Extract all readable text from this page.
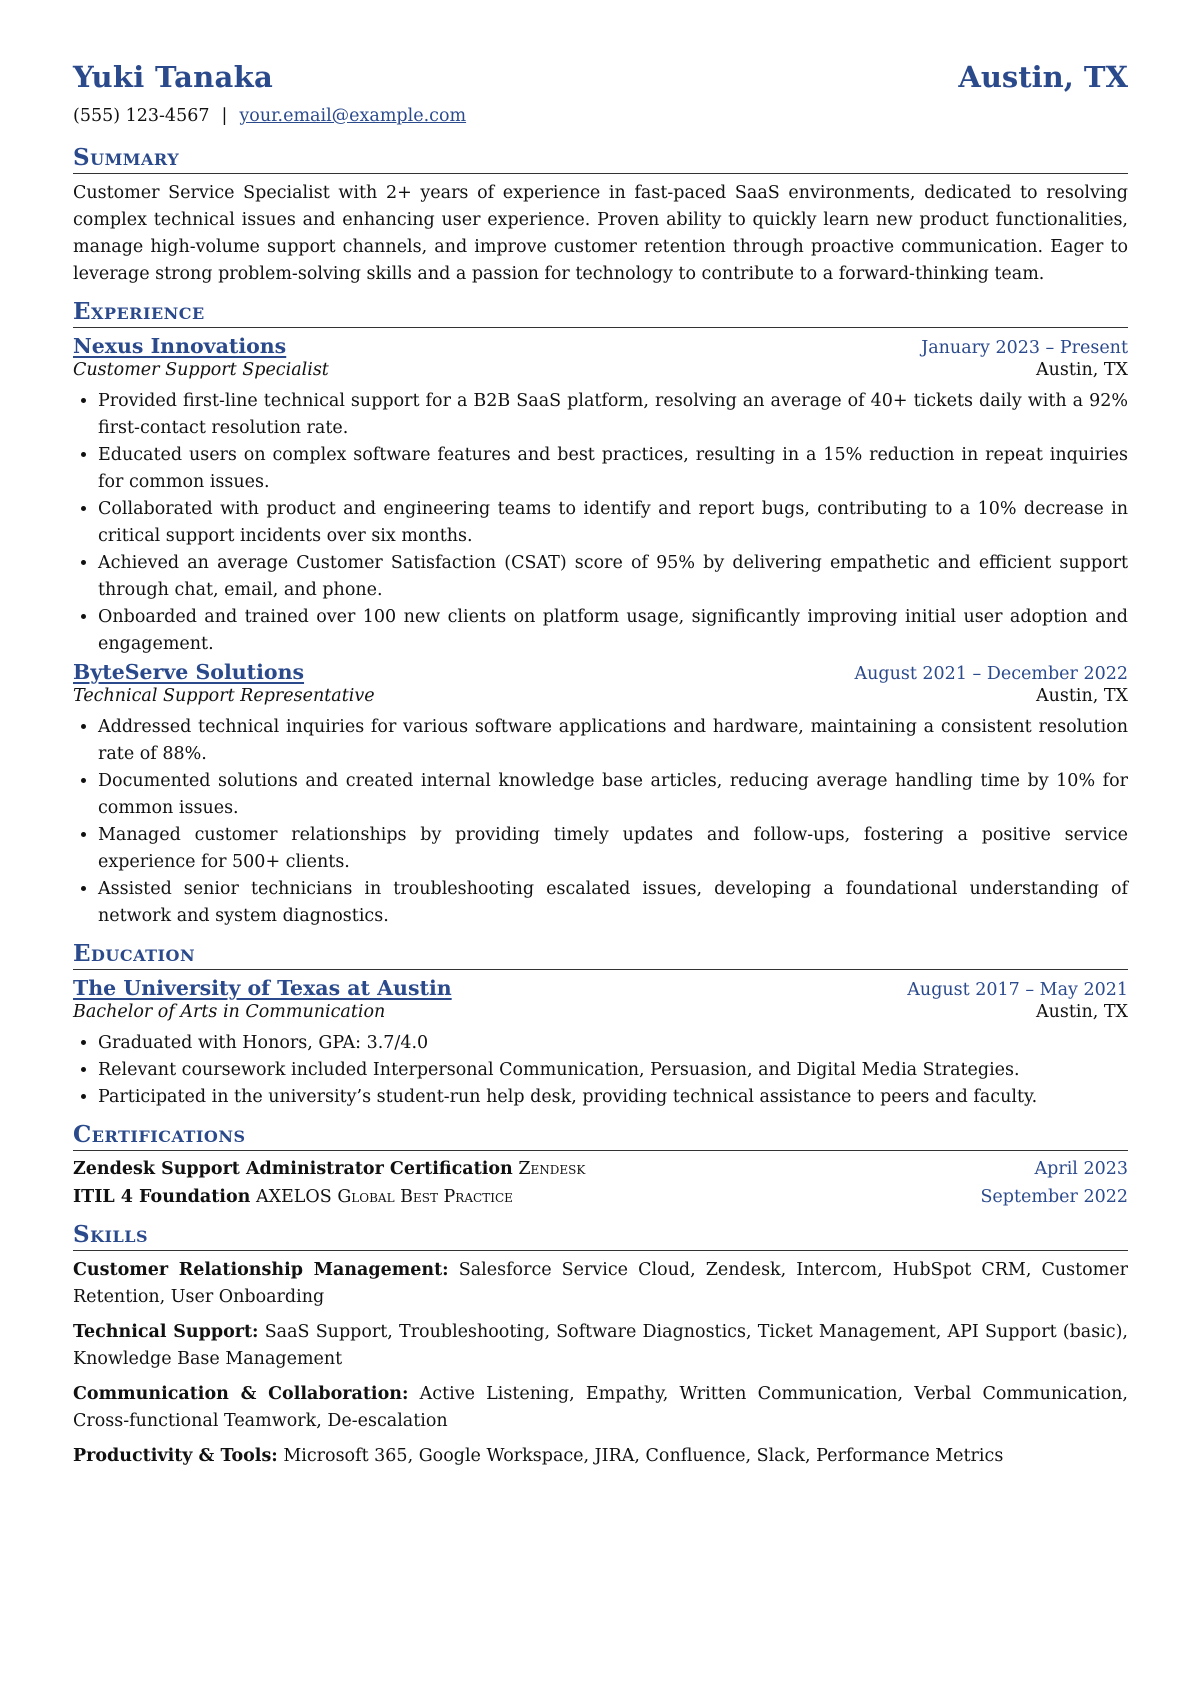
Yuki Tanaka	Austin, TX
(555) 123-4567 | your.email@example.com
Summary
Customer Service Specialist with 2+ years of experience in fast-paced SaaS environments, dedicated to resolving complex technical issues and enhancing user experience. Proven ability to quickly learn new product functionalities, manage high-volume support channels, and improve customer retention through proactive communication. Eager to leverage strong problem-solving skills and a passion for technology to contribute to a forward-thinking team.
Experience
Nexus Innovations	January 2023 – Present
Customer Support Specialist	Austin, TX
• Provided first-line technical support for a B2B SaaS platform, resolving an average of 40+ tickets daily with a 92% first-contact resolution rate.
• Educated users on complex software features and best practices, resulting in a 15% reduction in repeat inquiries for common issues.
• Collaborated with product and engineering teams to identify and report bugs, contributing to a 10% decrease in critical support incidents over six months.
• Achieved an average Customer Satisfaction (CSAT) score of 95% by delivering empathetic and efficient support through chat, email, and phone.
• Onboarded and trained over 100 new clients on platform usage, significantly improving initial user adoption and engagement.
ByteServe Solutions	August 2021 – December 2022
Technical Support Representative	Austin, TX
• Addressed technical inquiries for various software applications and hardware, maintaining a consistent resolution rate of 88%.
• Documented solutions and created internal knowledge base articles, reducing average handling time by 10% for common issues.
• Managed customer relationships by providing timely updates and follow-ups, fostering a positive service experience for 500+ clients.
• Assisted senior technicians in troubleshooting escalated issues, developing a foundational understanding of network and system diagnostics.
Education
The University of Texas at Austin	August 2017 – May 2021
Bachelor of Arts in Communication	Austin, TX
• Graduated with Honors, GPA: 3.7/4.0
• Relevant coursework included Interpersonal Communication, Persuasion, and Digital Media Strategies.
• Participated in the university’s student-run help desk, providing technical assistance to peers and faculty.
Certifications
Zendesk Support Administrator Certification Zendesk	April 2023
ITIL 4 Foundation AXELOS Global Best Practice	September 2022
Skills
Customer Relationship Management: Salesforce Service Cloud, Zendesk, Intercom, HubSpot CRM, Customer Retention, User Onboarding
Technical Support: SaaS Support, Troubleshooting, Software Diagnostics, Ticket Management, API Support (basic), Knowledge Base Management
Communication & Collaboration: Active Listening, Empathy, Written Communication, Verbal Communication, Cross-functional Teamwork, De-escalation
Productivity & Tools: Microsoft 365, Google Workspace, JIRA, Confluence, Slack, Performance Metrics
